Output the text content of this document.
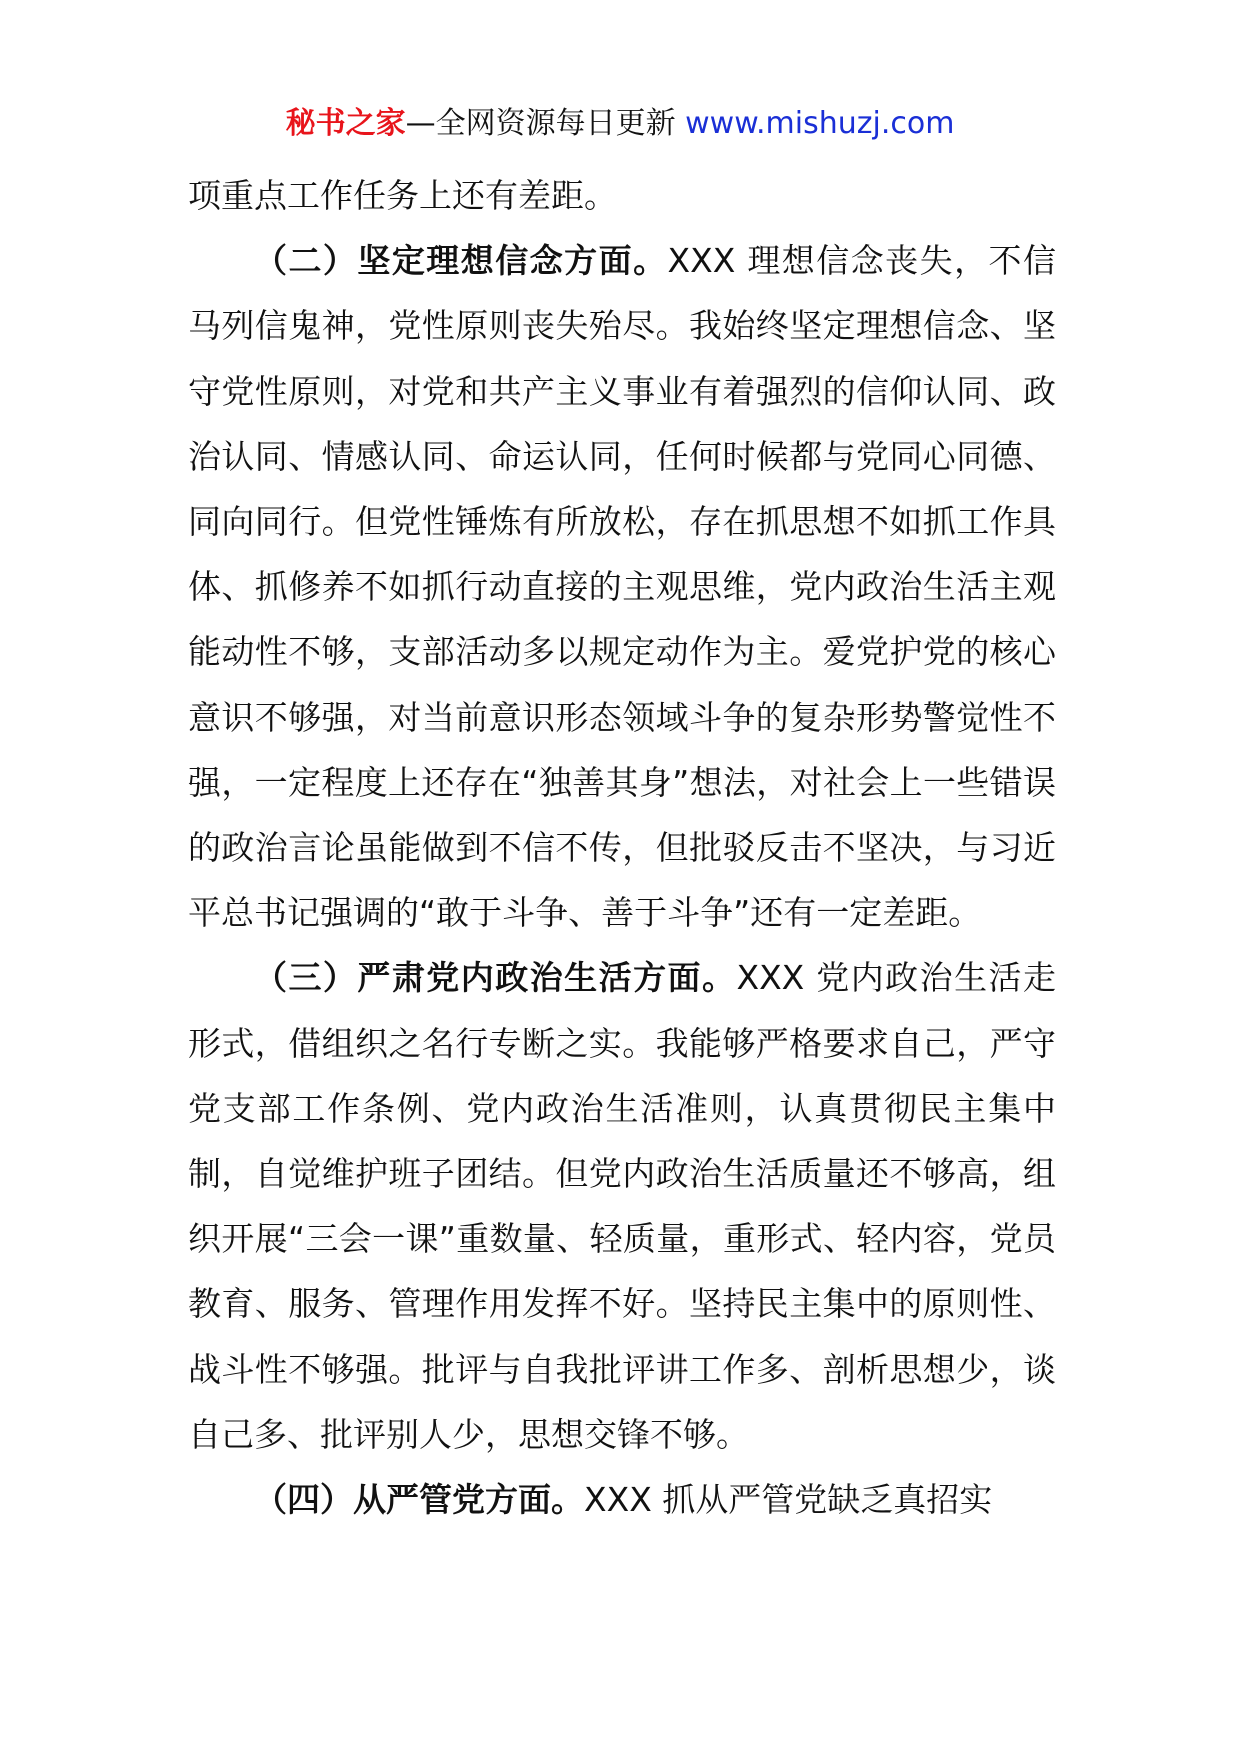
秘书之家—全网资源每日更新 www.mishuzj.com

项重点工作任务上还有差距。

（二）坚定理想信念方面。XXX 理想信念丧失，不信马列信鬼神，党性原则丧失殆尽。我始终坚定理想信念、坚守党性原则，对党和共产主义事业有着强烈的信仰认同、政治认同、情感认同、命运认同，任何时候都与党同心同德、同向同行。但党性锤炼有所放松，存在抓思想不如抓工作具体、抓修养不如抓行动直接的主观思维，党内政治生活主观能动性不够，支部活动多以规定动作为主。爱党护党的核心意识不够强，对当前意识形态领域斗争的复杂形势警觉性不强，一定程度上还存在“独善其身”想法，对社会上一些错误的政治言论虽能做到不信不传，但批驳反击不坚决，与习近平总书记强调的“敢于斗争、善于斗争”还有一定差距。

（三）严肃党内政治生活方面。XXX 党内政治生活走形式，借组织之名行专断之实。我能够严格要求自己，严守党支部工作条例、党内政治生活准则，认真贯彻民主集中制，自觉维护班子团结。但党内政治生活质量还不够高，组织开展“三会一课”重数量、轻质量，重形式、轻内容，党员教育、服务、管理作用发挥不好。坚持民主集中的原则性、战斗性不够强。批评与自我批评讲工作多、剖析思想少，谈自己多、批评别人少，思想交锋不够。

（四）从严管党方面。XXX 抓从严管党缺乏真招实
